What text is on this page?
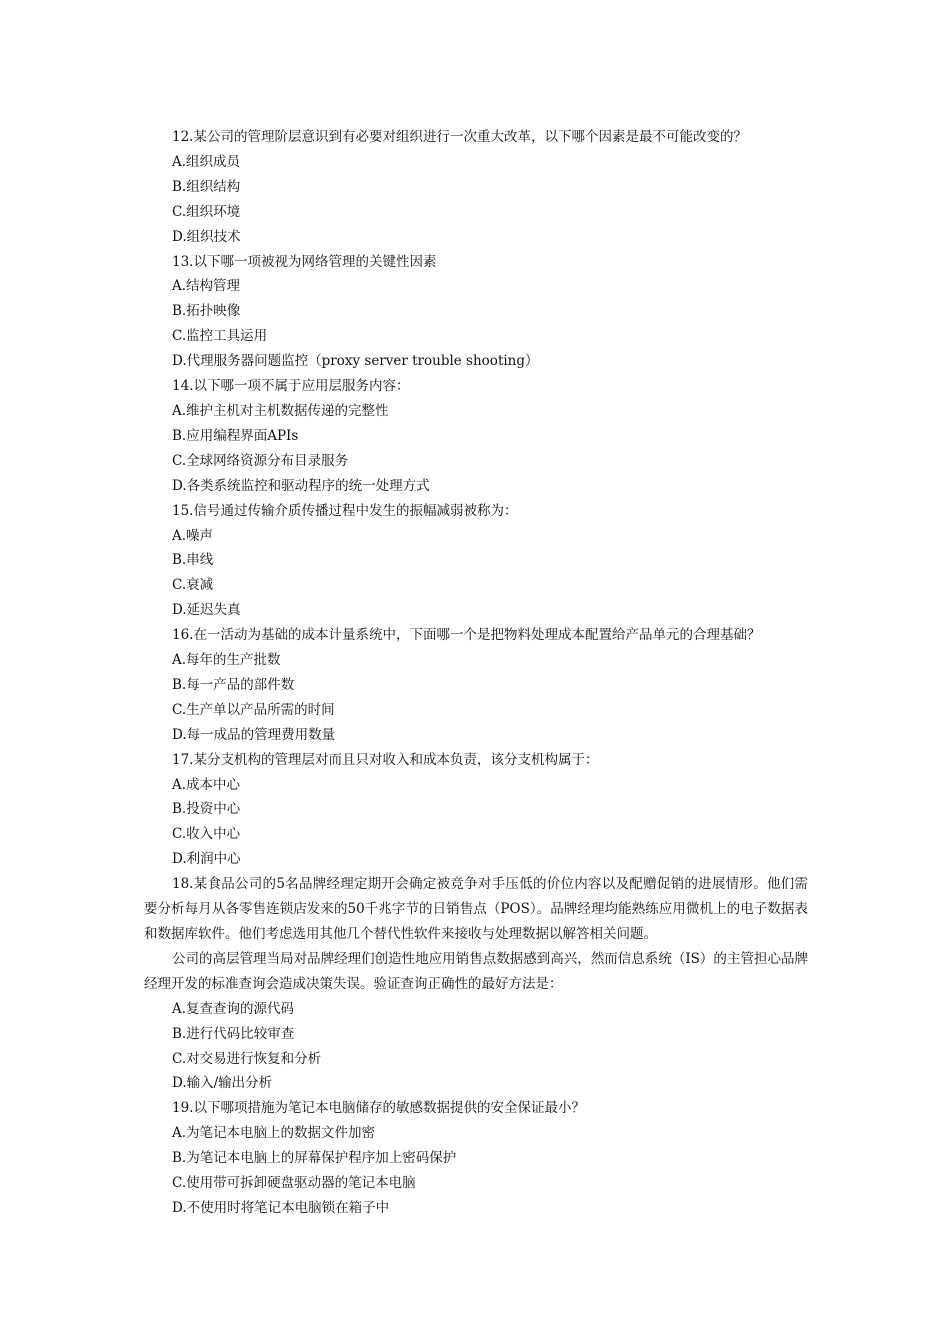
12.某公司的管理阶层意识到有必要对组织进行一次重大改革，以下哪个因素是最不可能改变的？
A.组织成员
B.组织结构
C.组织环境
D.组织技术
13.以下哪一项被视为网络管理的关键性因素
A.结构管理
B.拓扑映像
C.监控工具运用
D.代理服务器问题监控（proxy server trouble shooting）
14.以下哪一项不属于应用层服务内容：
A.维护主机对主机数据传递的完整性
B.应用编程界面APIs
C.全球网络资源分布目录服务
D.各类系统监控和驱动程序的统一处理方式
15.信号通过传输介质传播过程中发生的振幅减弱被称为：
A.噪声
B.串线
C.衰减
D.延迟失真
16.在一活动为基础的成本计量系统中，下面哪一个是把物料处理成本配置给产品单元的合理基础？
A.每年的生产批数
B.每一产品的部件数
C.生产单以产品所需的时间
D.每一成品的管理费用数量
17.某分支机构的管理层对而且只对收入和成本负责，该分支机构属于：
A.成本中心
B.投资中心
C.收入中心
D.利润中心
18.某食品公司的5名品牌经理定期开会确定被竞争对手压低的价位内容以及配赠促销的进展情形。他们需要分析每月从各零售连锁店发来的50千兆字节的日销售点（POS）。品牌经理均能熟练应用微机上的电子数据表和数据库软件。他们考虑选用其他几个替代性软件来接收与处理数据以解答相关问题。
公司的高层管理当局对品牌经理们创造性地应用销售点数据感到高兴，然而信息系统（IS）的主管担心品牌经理开发的标准查询会造成决策失误。验证查询正确性的最好方法是：
A.复查查询的源代码
B.进行代码比较审查
C.对交易进行恢复和分析
D.输入/输出分析
19.以下哪项措施为笔记本电脑储存的敏感数据提供的安全保证最小？
A.为笔记本电脑上的数据文件加密
B.为笔记本电脑上的屏幕保护程序加上密码保护
C.使用带可拆卸硬盘驱动器的笔记本电脑
D.不使用时将笔记本电脑锁在箱子中
